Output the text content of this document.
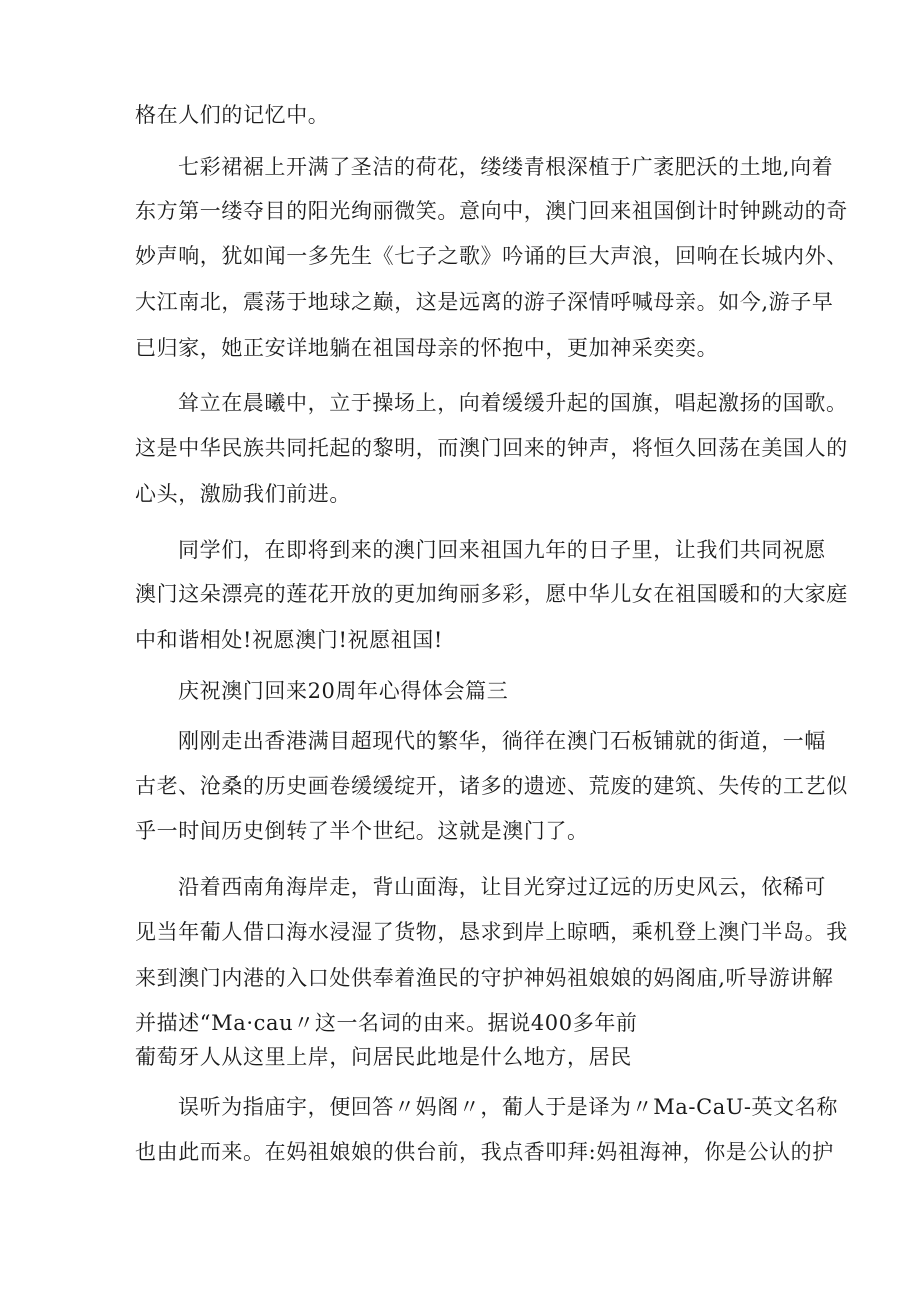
格在人们的记忆中。
七彩裙裾上开满了圣洁的荷花，缕缕青根深植于广袤肥沃的土地,向着
东方第一缕夺目的阳光绚丽微笑。意向中，澳门回来祖国倒计时钟跳动的奇
妙声响，犹如闻一多先生《七子之歌》吟诵的巨大声浪，回响在长城内外、
大江南北，震荡于地球之巅，这是远离的游子深情呼喊母亲。如今,游子早
已归家，她正安详地躺在祖国母亲的怀抱中，更加神采奕奕。
耸立在晨曦中，立于操场上，向着缓缓升起的国旗，唱起激扬的国歌。
这是中华民族共同托起的黎明，而澳门回来的钟声，将恒久回荡在美国人的
心头，激励我们前进。
同学们，在即将到来的澳门回来祖国九年的日子里，让我们共同祝愿
澳门这朵漂亮的莲花开放的更加绚丽多彩，愿中华儿女在祖国暖和的大家庭
中和谐相处!祝愿澳门!祝愿祖国!
庆祝澳门回来20周年心得体会篇三
刚刚走出香港满目超现代的繁华，徜徉在澳门石板铺就的街道，一幅
古老、沧桑的历史画卷缓缓绽开，诸多的遗迹、荒废的建筑、失传的工艺似
乎一时间历史倒转了半个世纪。这就是澳门了。
沿着西南角海岸走，背山面海，让目光穿过辽远的历史风云，依稀可
见当年葡人借口海水浸湿了货物，恳求到岸上晾晒，乘机登上澳门半岛。我
来到澳门内港的入口处供奉着渔民的守护神妈祖娘娘的妈阁庙,听导游讲解
并描述“Ma·cau〃这一名词的由来。据说400多年前
葡萄牙人从这里上岸，问居民此地是什么地方，居民
误听为指庙宇，便回答〃妈阁〃，葡人于是译为〃Ma-CaU-英文名称
也由此而来。在妈祖娘娘的供台前，我点香叩拜:妈祖海神，你是公认的护
